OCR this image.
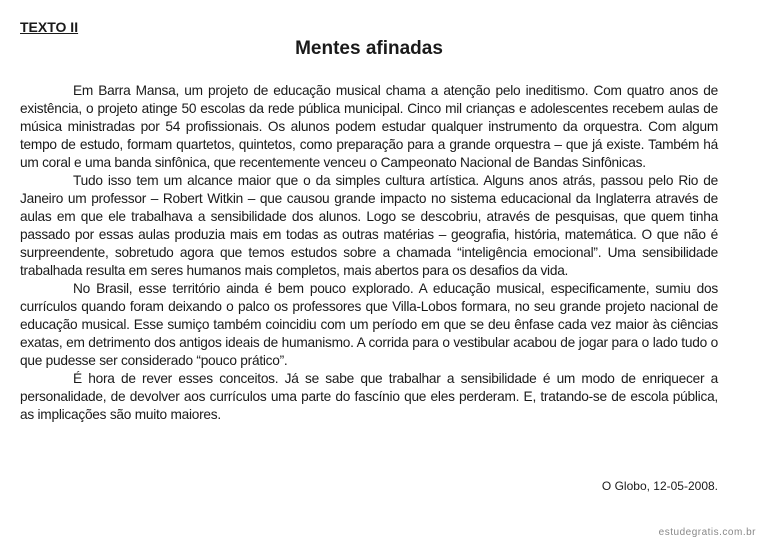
TEXTO II
Mentes afinadas

Em Barra Mansa, um projeto de educação musical chama a atenção pelo ineditismo. Com quatro anos de existência, o projeto atinge 50 escolas da rede pública municipal. Cinco mil crianças e adolescentes recebem aulas de música ministradas por 54 profissionais. Os alunos podem estudar qualquer instrumento da orquestra. Com algum tempo de estudo, formam quartetos, quintetos, como preparação para a grande orquestra – que já existe. Também há um coral e uma banda sinfônica, que recentemente venceu o Campeonato Nacional de Bandas Sinfônicas.

Tudo isso tem um alcance maior que o da simples cultura artística. Alguns anos atrás, passou pelo Rio de Janeiro um professor – Robert Witkin – que causou grande impacto no sistema educacional da Inglaterra através de aulas em que ele trabalhava a sensibilidade dos alunos. Logo se descobriu, através de pesquisas, que quem tinha passado por essas aulas produzia mais em todas as outras matérias – geografia, história, matemática. O que não é surpreendente, sobretudo agora que temos estudos sobre a chamada “inteligência emocional”. Uma sensibilidade trabalhada resulta em seres humanos mais completos, mais abertos para os desafios da vida.

No Brasil, esse território ainda é bem pouco explorado. A educação musical, especificamente, sumiu dos currículos quando foram deixando o palco os professores que Villa-Lobos formara, no seu grande projeto nacional de educação musical. Esse sumiço também coincidiu com um período em que se deu ênfase cada vez maior às ciências exatas, em detrimento dos antigos ideais de humanismo. A corrida para o vestibular acabou de jogar para o lado tudo o que pudesse ser considerado “pouco prático”.

É hora de rever esses conceitos. Já se sabe que trabalhar a sensibilidade é um modo de enriquecer a personalidade, de devolver aos currículos uma parte do fascínio que eles perderam. E, tratando-se de escola pública, as implicações são muito maiores.

O Globo, 12-05-2008.
estudegratis.com.br
